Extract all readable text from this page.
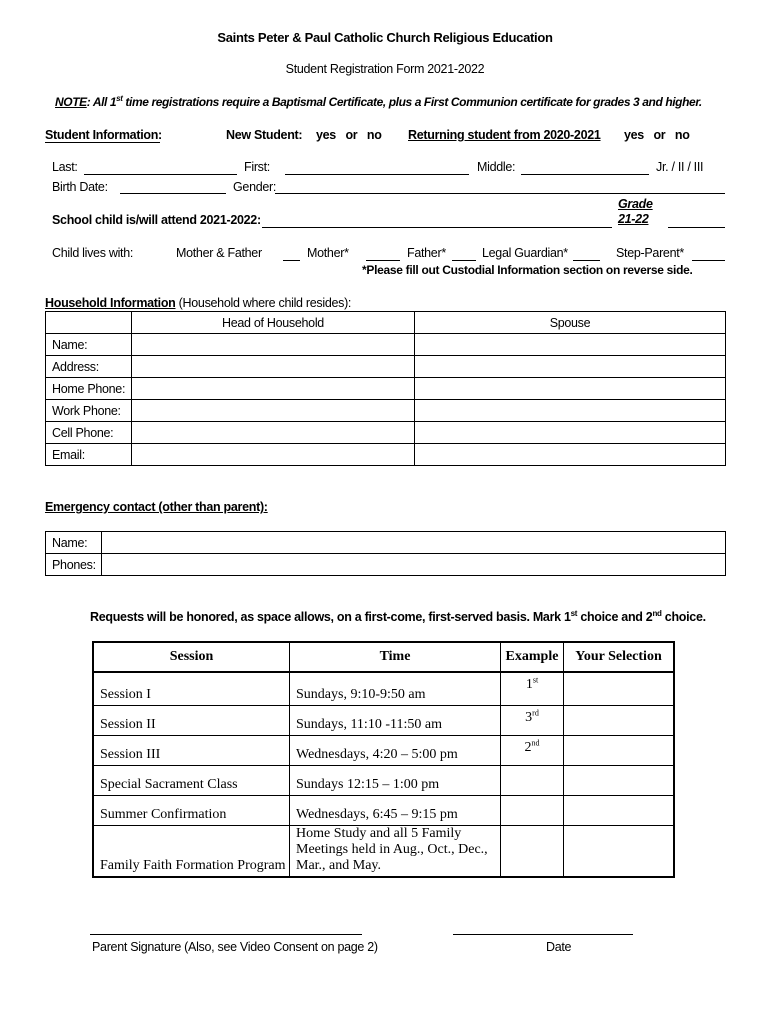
Saints Peter & Paul Catholic Church Religious Education
Student Registration Form 2021-2022
NOTE: All 1st time registrations require a Baptismal Certificate, plus a First Communion certificate for grades 3 and higher.
Student Information:	New Student: yes   or   no Returning student from 2020-2021 yes   or   no
Last:	First:	Middle:	Jr. / II / III
Birth Date:	Gender:
School child is/will attend 2021-2022:
Grade
21-22
Child lives with:	Mother & Father	Mother*	Father*	Legal Guardian*	Step-Parent*
*Please fill out Custodial Information section on reverse side.
Household Information (Household where child resides):
	Head of Household	Spouse
Name:		
Address:		
Home Phone:		
Work Phone:		
Cell Phone:		
Email:		
Emergency contact (other than parent):
Name:	
Phones:	
Requests will be honored, as space allows, on a first-come, first-served basis. Mark 1st choice and 2nd choice.
Session	Time	Example	Your Selection
Session I	Sundays, 9:10-9:50 am	1st	
Session II	Sundays, 11:10 -11:50 am	3rd	
Session III	Wednesdays, 4:20 – 5:00 pm	2nd	
Special Sacrament Class	Sundays 12:15 – 1:00 pm		
Summer Confirmation	Wednesdays, 6:45 – 9:15 pm		
Family Faith Formation Program	Home Study and all 5 Family Meetings held in Aug., Oct., Dec., Mar., and May.		
Parent Signature (Also, see Video Consent on page 2)	Date
